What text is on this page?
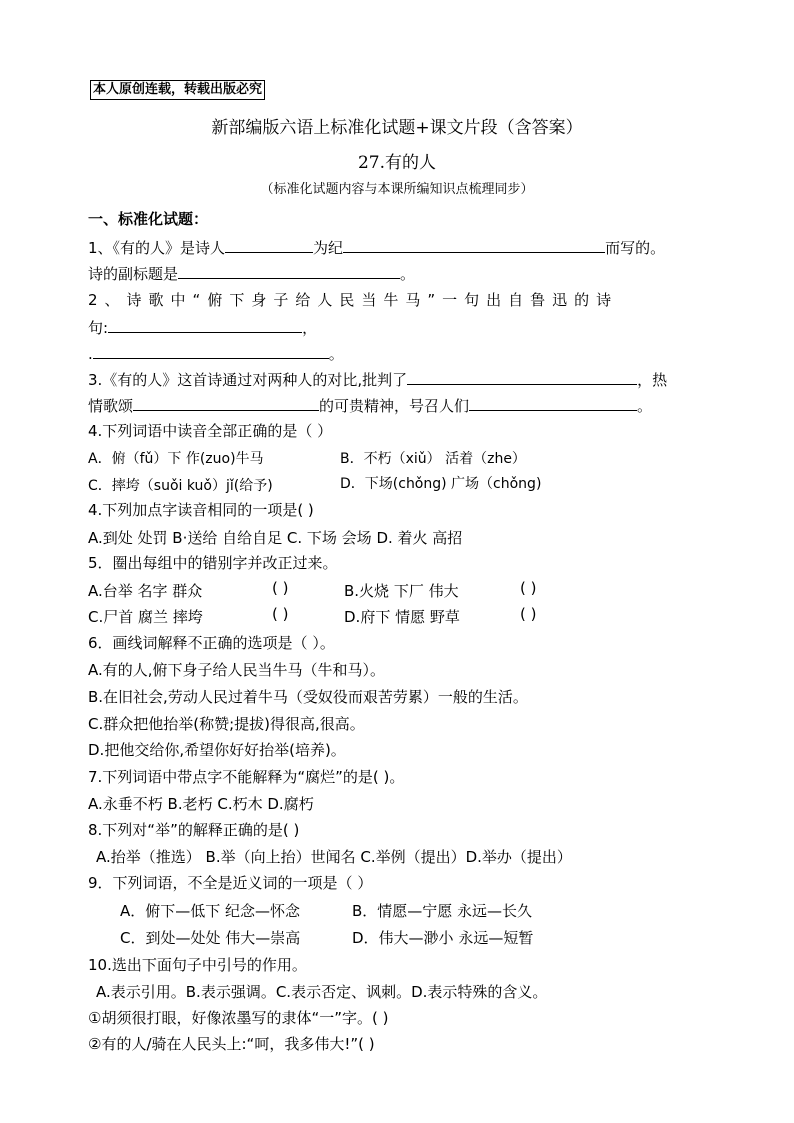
本人原创连载，转载出版必究
新部编版六语上标准化试题+课文片段（含答案）
27.有的人
（标准化试题内容与本课所编知识点梳理同步）
一、标准化试题：
1、《有的人》是诗人	为纪	而写的。
诗的副标题是	。
2、诗歌中“俯下身子给人民当牛马”一句出自鲁迅的诗
句:	，
.	。
3.《有的人》这首诗通过对两种人的对比,批判了	，热
情歌颂	的可贵精神，号召人们	。
4.下列词语中读音全部正确的是（ ）
A．俯（fǔ）下 作(zuo)牛马	B．不朽（xiǔ） 活着（zhe）
C．摔垮（suǒi kuǒ）jǐ(给予)	D．下场(chǒng) 广场（chǒng)
4.下列加点字读音相同的一项是( )
A.到处 处罚 B·送给 自给自足 C. 下场 会场 D. 着火 高招
5．圈出每组中的错别字并改正过来。
A.台举 名字 群众	( )	B.火烧 下厂 伟大	( )
C.尸首 腐兰 摔垮	( )	D.府下 情愿 野草	( )
6．画线词解释不正确的选项是（ ）。
A.有的人,俯下身子给人民当牛马（牛和马）。
B.在旧社会,劳动人民过着牛马（受奴役而艰苦劳累）一般的生活。
C.群众把他抬举(称赞;提拔)得很高,很高。
D.把他交给你,希望你好好抬举(培养)。
7.下列词语中带点字不能解释为“腐烂”的是( )。
A.永垂不朽 B.老朽 C.朽木 D.腐朽
8.下列对“举”的解释正确的是( )
A.抬举（推选） B.举（向上抬）世闻名 C.举例（提出）D.举办（提出）
9．下列词语，不全是近义词的一项是（ ）
A．俯下—低下 纪念—怀念	B．情愿—宁愿 永远—长久
C．到处—处处 伟大—崇高	D．伟大—渺小 永远—短暂
10.选出下面句子中引号的作用。
A.表示引用。B.表示强调。C.表示否定、讽刺。D.表示特殊的含义。
①胡须很打眼，好像浓墨写的隶体“一”字。( )
②有的人/骑在人民头上:“呵，我多伟大!”( )
